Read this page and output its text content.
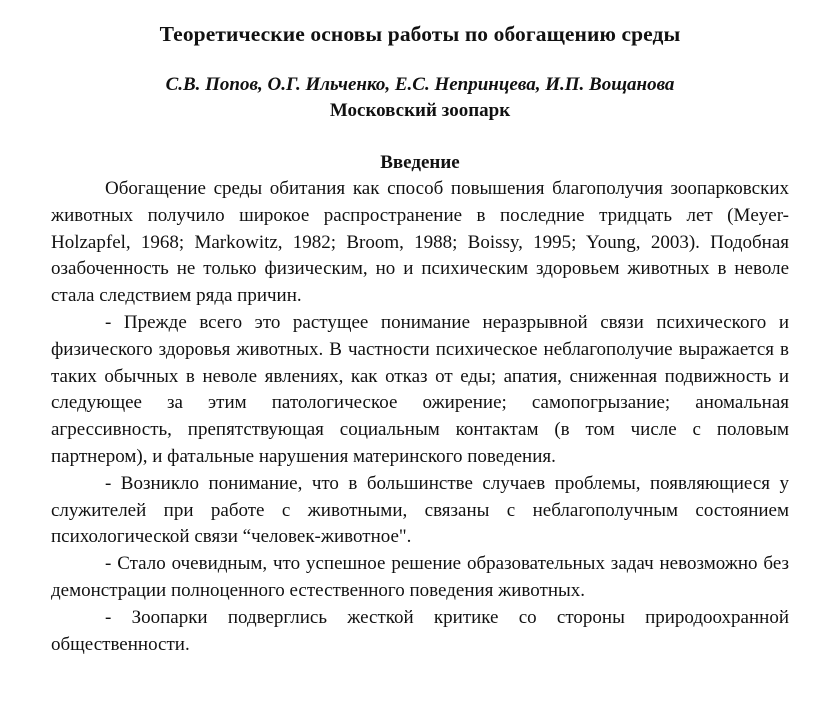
Теоретические основы работы по обогащению среды

С.В. Попов, О.Г. Ильченко, Е.С. Непринцева, И.П. Вощанова

Московский зоопарк

Введение

Обогащение среды обитания как способ повышения благополучия зоопарковских животных получило широкое распространение в последние тридцать лет (Meyer-Holzapfel, 1968; Markowitz, 1982; Broom, 1988; Boissy, 1995; Young, 2003). Подобная озабоченность не только физическим, но и психическим здоровьем животных в неволе стала следствием ряда причин.

- Прежде всего это растущее понимание неразрывной связи психического и физического здоровья животных. В частности психическое неблагополучие выражается в таких обычных в неволе явлениях, как отказ от еды; апатия, сниженная подвижность и следующее за этим патологическое ожирение; самопогрызание; аномальная агрессивность, препятствующая социальным контактам (в том числе с половым партнером), и фатальные нарушения материнского поведения.

- Возникло понимание, что в большинстве случаев проблемы, появляющиеся у служителей при работе с животными, связаны с неблагополучным состоянием психологической связи “человек-животное".

- Стало очевидным, что успешное решение образовательных задач невозможно без демонстрации полноценного естественного поведения животных.

- Зоопарки подверглись жесткой критике со стороны природоохранной общественности.
